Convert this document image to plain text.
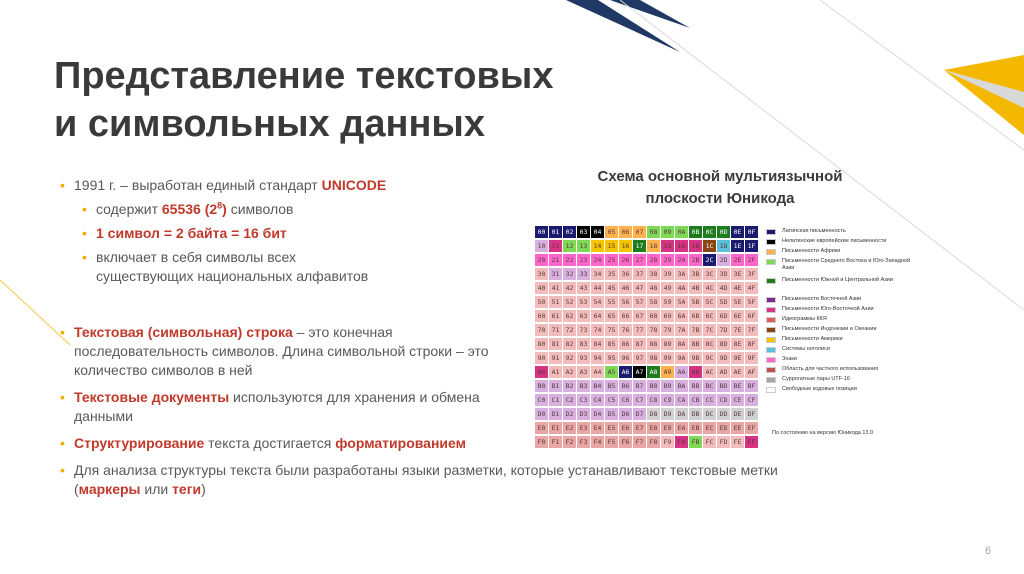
Представление текстовых
и символьных данных
• 1991 г. – выработан единый стандарт UNICODE
• содержит 65536 $(2^8)$ символов
• 1 символ = 2 байта = 16 бит
• включает в себя символы всех существующих национальных алфавитов
• Текстовая (символьная) строка – это конечная последовательность символов. Длина символьной строки – это количество символов в ней
• Текстовые документы используются для хранения и обмена данными
• Структурирование текста достигается форматированием
• Для анализа структуры текста были разработаны языки разметки, которые устанавливают текстовые метки (маркеры или теги)
Схема основной мультиязычной
плоскости Юникода
00 01 02 03 04 05 06 07 08 09 0A 0B 0C 0D 0E 0F
10 11 12 13 14 15 16 17 18 19 1A 1B 1C 1D 1E 1F
20 21 22 23 24 25 26 27 28 29 2A 2B 2C 2D 2E 2F
30 31 32 33 34 35 36 37 38 39 3A 3B 3C 3D 3E 3F
40 41 42 43 44 45 46 47 48 49 4A 4B 4C 4D 4E 4F
50 51 52 53 54 55 56 57 58 59 5A 5B 5C 5D 5E 5F
60 61 62 63 64 65 66 67 68 69 6A 6B 6C 6D 6E 6F
70 71 72 73 74 75 76 77 78 79 7A 7B 7C 7D 7E 7F
80 81 82 83 84 85 86 87 88 89 8A 8B 8C 8D 8E 8F
90 91 92 93 94 95 96 97 98 99 9A 9B 9C 9D 9E 9F
A0 A1 A2 A3 A4 A5 A6 A7 A8 A9 AA AB AC AD AE AF
B0 B1 B2 B3 B4 B5 B6 B7 B8 B9 BA BB BC BD BE BF
C0 C1 C2 C3 C4 C5 C6 C7 C8 C9 CA CB CC CD CE CF
D0 D1 D2 D3 D4 D5 D6 D7 D8 D9 DA DB DC DD DE DF
E0 E1 E2 E3 E4 E5 E6 E7 E8 E9 EA EB EC ED EE EF
F0 F1 F2 F3 F4 F5 F6 F7 F8 F9 FA FB FC FD FE FF
Латинская письменность
Нелатинские европейские письменности
Письменности Африки
Письменности Среднего Востока и Юго-Западной Азии
Письменности Южной и Центральной Азии
Письменности Восточной Азии
Письменности Юго-Восточной Азии
Идеограммы ККЯ
Письменности Индонезии и Океании
Письменности Америки
Системы нотописи
Знаки
Область для частного использования
Суррогатные пары UTF-16
Свободные кодовые позиции
По состоянию на версию Юникода 13.0
6
